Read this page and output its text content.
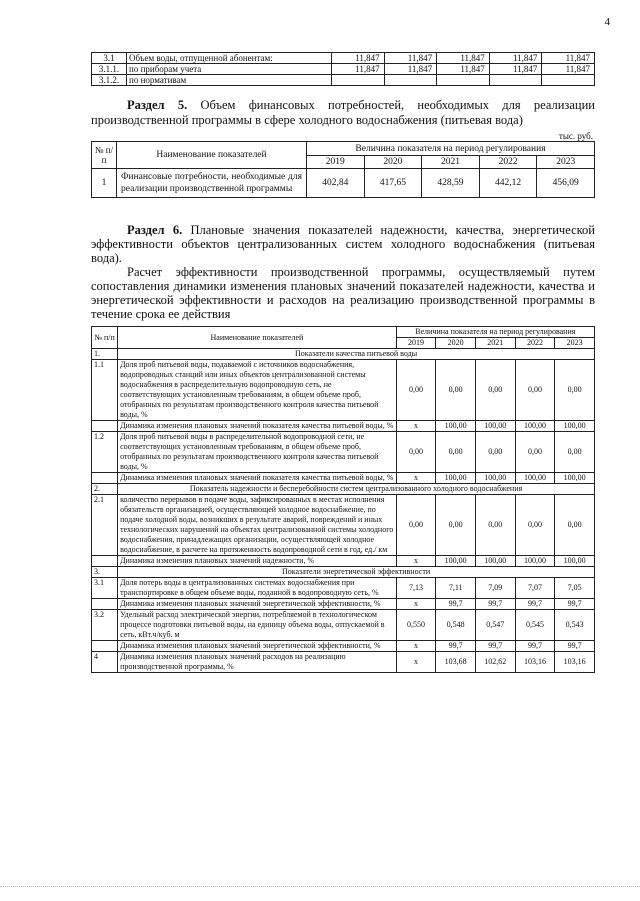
4
3.1	Объем воды, отпущенной абонентам:	11,847	11,847	11,847	11,847	11,847
3.1.1.	по приборам учета	11,847	11,847	11,847	11,847	11,847
3.1.2.	по нормативам					

Раздел 5. Объем финансовых потребностей, необходимых для реализации производственной программы в сфере холодного водоснабжения (питьевая вода)

тыс. руб.
№ п/п	Наименование показателей	Величина показателя на период регулирования				
		2019	2020	2021	2022	2023
1	Финансовые потребности, необходимые для реализации производственной программы	402,84	417,65	428,59	442,12	456,09

Раздел 6. Плановые значения показателей надежности, качества, энергетической эффективности объектов централизованных систем холодного водоснабжения (питьевая вода).

Расчет эффективности производственной программы, осуществляемый путем сопоставления динамики изменения плановых значений показателей надежности, качества и энергетической эффективности и расходов на реализацию производственной программы в течение срока ее действия

№ п/п	Наименование показателей	Величина показателя на период регулирования				
		2019	2020	2021	2022	2023
1.	Показатели качества питьевой воды					
1.1	Доля проб питьевой воды, подаваемой с источников водоснабжения, водопроводных станций или иных объектов централизованной системы водоснабжения в распределительную водопроводную сеть, не соответствующих установленным требованиям, в общем объеме проб, отобранных по результатам производственного контроля качества питьевой воды, %	0,00	0,00	0,00	0,00	0,00
	Динамика изменения плановых значений показателя качества питьевой воды, %	x	100,00	100,00	100,00	100,00
1.2	Доля проб питьевой воды в распределительной водопроводной сети, не соответствующих установленным требованиям, в общем объеме проб, отобранных по результатам производственного контроля качества питьевой воды, %	0,00	0,00	0,00	0,00	0,00
	Динамика изменения плановых значений показателя качества питьевой воды, %	x	100,00	100,00	100,00	100,00
2.	Показатель надежности и бесперебойности систем централизованного холодного водоснабжения					
2.1	количество перерывов в подаче воды, зафиксированных в местах исполнения обязательств организацией, осуществляющей холодное водоснабжение, по подаче холодной воды, возникших в результате аварий, повреждений и иных технологических нарушений на объектах централизованной системы холодного водоснабжения, принадлежащих организации, осуществляющей холодное водоснабжение, в расчете на протяженность водопроводной сети в год, ед./ км	0,00	0,00	0,00	0,00	0,00
	Динамика изменения плановых значений надежности, %	x	100,00	100,00	100,00	100,00
3.	Показатели энергетической эффективности					
3.1	Доля потерь воды в централизованных системах водоснабжения при транспортировке в общем объеме воды, поданной в водопроводную сеть, %	7,13	7,11	7,09	7,07	7,05
	Динамика изменения плановых значений энергетической эффективности, %	x	99,7	99,7	99,7	99,7
3.2	Удельный расход электрической энергии, потребляемой в технологическом процессе подготовки питьевой воды, на единицу объема воды, отпускаемой в сеть, кВт.ч/куб. м	0,550	0,548	0,547	0,545	0,543
	Динамика изменения плановых значений энергетической эффективности, %	x	99,7	99,7	99,7	99,7
4	Динамика изменения плановых значений расходов на реализацию производственной программы, %	x	103,68	102,62	103,16	103,16
